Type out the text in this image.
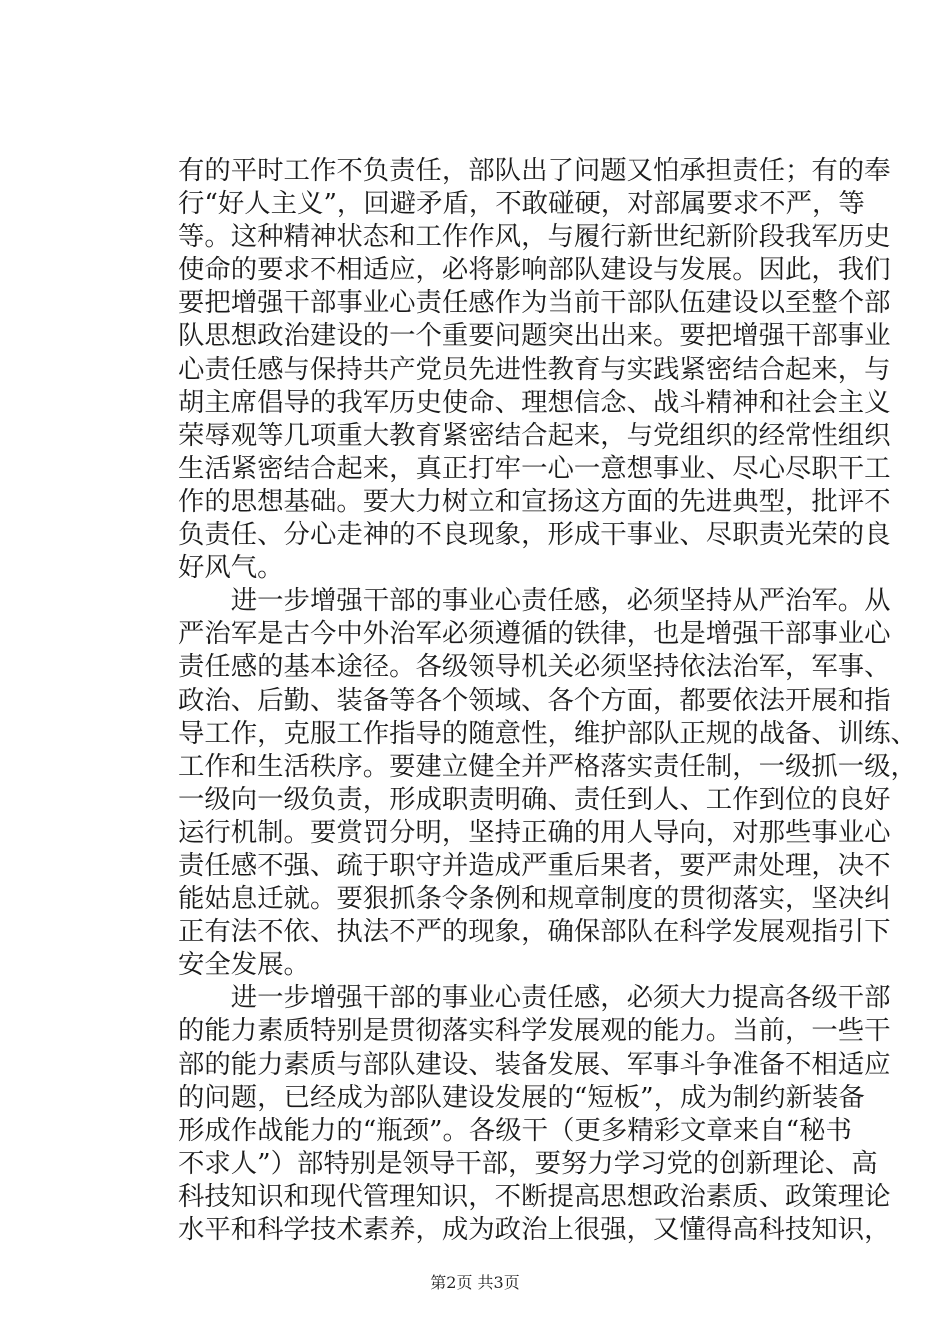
有的平时工作不负责任，部队出了问题又怕承担责任；有的奉
行“好人主义”，回避矛盾，不敢碰硬，对部属要求不严，等
等。这种精神状态和工作作风，与履行新世纪新阶段我军历史
使命的要求不相适应，必将影响部队建设与发展。因此，我们
要把增强干部事业心责任感作为当前干部队伍建设以至整个部
队思想政治建设的一个重要问题突出出来。要把增强干部事业
心责任感与保持共产党员先进性教育与实践紧密结合起来，与
胡主席倡导的我军历史使命、理想信念、战斗精神和社会主义
荣辱观等几项重大教育紧密结合起来，与党组织的经常性组织
生活紧密结合起来，真正打牢一心一意想事业、尽心尽职干工
作的思想基础。要大力树立和宣扬这方面的先进典型，批评不
负责任、分心走神的不良现象，形成干事业、尽职责光荣的良
好风气。
　　进一步增强干部的事业心责任感，必须坚持从严治军。从
严治军是古今中外治军必须遵循的铁律，也是增强干部事业心
责任感的基本途径。各级领导机关必须坚持依法治军，军事、
政治、后勤、装备等各个领域、各个方面，都要依法开展和指
导工作，克服工作指导的随意性，维护部队正规的战备、训练、
工作和生活秩序。要建立健全并严格落实责任制，一级抓一级，
一级向一级负责，形成职责明确、责任到人、工作到位的良好
运行机制。要赏罚分明，坚持正确的用人导向，对那些事业心
责任感不强、疏于职守并造成严重后果者，要严肃处理，决不
能姑息迁就。要狠抓条令条例和规章制度的贯彻落实，坚决纠
正有法不依、执法不严的现象，确保部队在科学发展观指引下
安全发展。
　　进一步增强干部的事业心责任感，必须大力提高各级干部
的能力素质特别是贯彻落实科学发展观的能力。当前，一些干
部的能力素质与部队建设、装备发展、军事斗争准备不相适应
的问题，已经成为部队建设发展的“短板”，成为制约新装备
形成作战能力的“瓶颈”。各级干（更多精彩文章来自“秘书
不求人”）部特别是领导干部，要努力学习党的创新理论、高
科技知识和现代管理知识，不断提高思想政治素质、政策理论
水平和科学技术素养，成为政治上很强，又懂得高科技知识，
第2页 共3页
